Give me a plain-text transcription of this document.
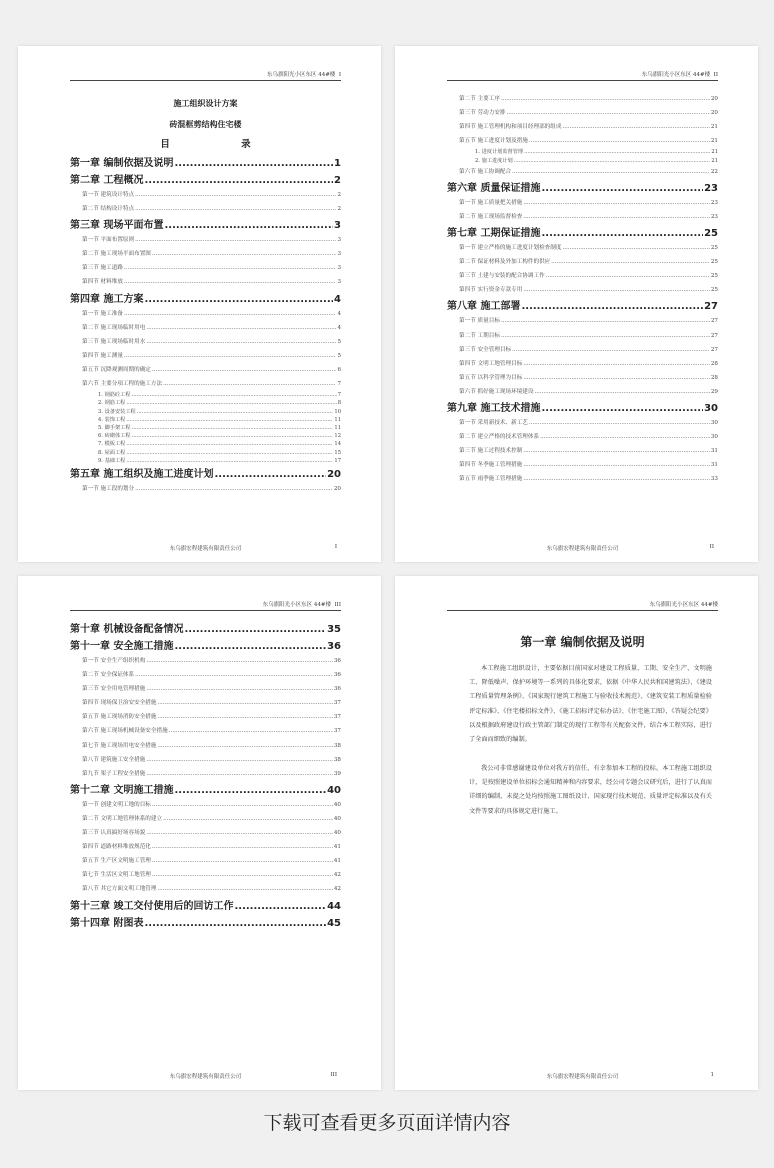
东乌旗阳光小区东区 44#楼 I
施工组织设计方案
砖混框剪结构住宅楼
目 录
第一章 编制依据及说明 .....	1
第二章 工程概况 .....	2
第一节 建筑设计特点 .....	2
第二节 结构设计特点 .....	2
第三章 现场平面布置 .....	3
第一节 平面布置原则 .....	3
第二节 施工现场平面布置图 .....	3
第三节 施工道路 .....	3
第四节 材料堆放 .....	3
第四章 施工方案 .....	4
第一节 施工准备 .....	4
第二节 施工现场临时用电 .....	4
第三节 施工现场临时用水 .....	5
第四节 施工测量 .....	5
第五节 沉降观测周期的确定 .....	6
第六节 主要分项工程的施工方法 .....	7
1. 钢筋砼工程 .....	7
2. 钢筋工程 .....	8
3. 设备安装工程 .....	10
4. 装饰工程 .....	11
5. 脚手架工程 .....	11
6. 砖砌体工程 .....	12
7. 模板工程 .....	14
8. 屋面工程 .....	15
9. 基础工程 .....	17
第五章 施工组织及施工进度计划 .....	20
第一节 施工段的划分 .....	20
东乌旗宏程建筑有限责任公司	I
东乌旗阳光小区东区 44#楼 II
第二节 主要工序 .....	20
第三节 劳动力安排 .....	20
第四节 施工管理机构和项目经理部的组成 .....	21
第五节 施工进度计划及措施 .....	21
1. 进度计划监督管理 .....	21
2. 施工进度计划 .....	21
第六节 施工协调配合 .....	22
第六章 质量保证措施 .....	23
第一节 施工质量把关措施 .....	23
第二节 施工现场监督检查 .....	23
第七章 工期保证措施 .....	25
第一节 建立严格的施工进度计划检查制度 .....	25
第二节 保证材料及外加工构件的供应 .....	25
第三节 土建与安装的配合协调工作 .....	25
第四节 实行资金专款专用 .....	25
第八章 施工部署 .....	27
第一节 质量目标 .....	27
第二节 工期目标 .....	27
第三节 安全管理目标 .....	27
第四节 文明工地管理目标 .....	28
第五节 以科学管理为目标 .....	28
第六节 抓好施工现场环境建设 .....	29
第九章 施工技术措施 .....	30
第一节 采用新技术、新工艺 .....	30
第二节 建立严格的技术管理体系 .....	30
第三节 施工过程技术控制 .....	31
第四节 冬季施工管理措施 .....	31
第五节 雨季施工管理措施 .....	33
东乌旗宏程建筑有限责任公司	II
东乌旗阳光小区东区 44#楼 III
第十章 机械设备配备情况 .....	35
第十一章 安全施工措施 .....	36
第一节 安全生产组织机构 .....	36
第二节 安全保证体系 .....	36
第三节 安全用电管理措施 .....	36
第四节 现场保卫治安安全措施 .....	37
第五节 施工现场消防安全措施 .....	37
第六节 施工现场机械设备安全措施 .....	37
第七节 施工现场用电安全措施 .....	38
第八节 建筑施工安全措施 .....	38
第九节 架子工程安全措施 .....	39
第十二章 文明施工措施 .....	40
第一节 创建文明工地的目标 .....	40
第二节 文明工地管理体系的建立 .....	40
第三节 认真搞好场容场貌 .....	40
第四节 道路材料堆放规范化 .....	41
第五节 生产区文明施工管理 .....	41
第七节 生活区文明工地管理 .....	42
第八节 其它方面文明工地管理 .....	42
第十三章 竣工交付使用后的回访工作 .....	44
第十四章 附图表 .....	45
东乌旗宏程建筑有限责任公司	III
东乌旗阳光小区东区 44#楼
第一章 编制依据及说明
本工程施工组织设计，主要依据目前国家对建设工程质量、工期、安全生产、文明施工、降低噪声、保护环境等一系列的具体化要求，依据《中华人民共和国建筑法》、《建设工程质量管理条例》、《国家现行建筑工程施工与验收技术规范》、《建筑安装工程质量检验评定标准》、《住宅楼招标文件》、《施工招标评定标办法》、《住宅施工图》、《答疑会纪要》以及根据政府建设行政主管部门制定的现行工程等有关配套文件，结合本工程实际，进行了全面而细致的编制。
我公司非常感谢建设单位对我方的信任，有幸参加本工程的投标。本工程施工组织设计，是按照建设单位招标会通知精神和内容要求，经公司专题会议研究后，进行了认真而详细的编制，未提之处均按照施工图纸设计、国家现行技术规范、质量评定标准以及有关文件等要求的具体规定进行施工。
东乌旗宏程建筑有限责任公司	1
下载可查看更多页面详情内容
